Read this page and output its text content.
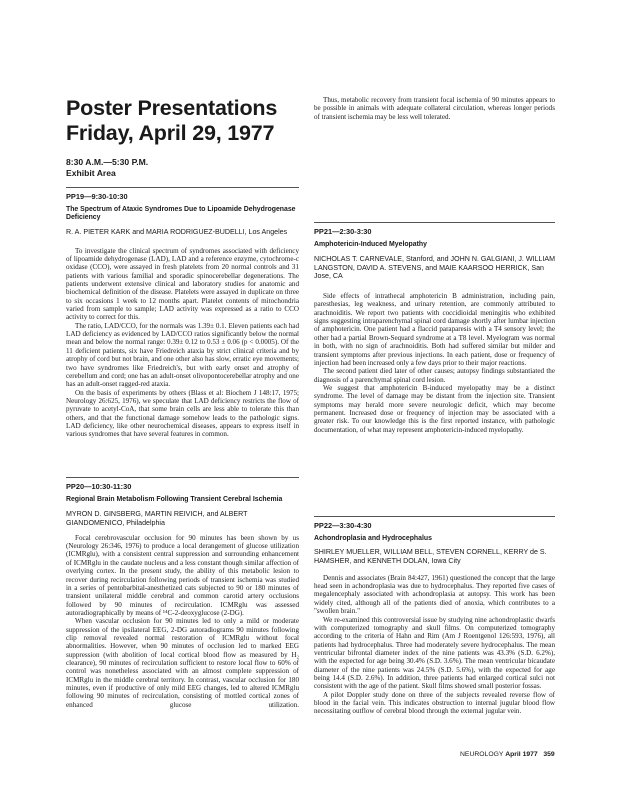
Poster Presentations
Friday, April 29, 1977
8:30 A.M.—5:30 P.M.
Exhibit Area
PP19—9:30-10:30
The Spectrum of Ataxic Syndromes Due to Lipoamide Dehydrogenase Deficiency
R. A. PIETER KARK and MARIA RODRIGUEZ-BUDELLI, Los Angeles

To investigate the clinical spectrum of syndromes associated with deficiency of lipoamide dehydrogenase (LAD), LAD and a reference enzyme, cytochrome-c oxidase (CCO), were assayed in fresh platelets from 20 normal controls and 31 patients with various familial and sporadic spinocerebellar degenerations. The patients underwent extensive clinical and laboratory studies for anatomic and biochemical definition of the disease. Platelets were assayed in duplicate on three to six occasions 1 week to 12 months apart. Platelet contents of mitochondria varied from sample to sample; LAD activity was expressed as a ratio to CCO activity to correct for this.

The ratio, LAD/CCO, for the normals was 1.39± 0.1. Eleven patients each had LAD deficiency as evidenced by LAD/CCO ratios significantly below the normal mean and below the normal range: 0.39± 0.12 to 0.53 ± 0.06 (p < 0.0005). Of the 11 deficient patients, six have Friedreich ataxia by strict clinical criteria and by atrophy of cord but not brain, and one other also has slow, erratic eye movements; two have syndromes like Friedreich's, but with early onset and atrophy of cerebellum and cord; one has an adult-onset olivopontocerebellar atrophy and one has an adult-onset ragged-red ataxia.

On the basis of experiments by others (Blass et al: Biochem J 148:17, 1975; Neurology 26:625, 1976), we speculate that LAD deficiency restricts the flow of pyruvate to acetyl-CoA, that some brain cells are less able to tolerate this than others, and that the functional damage somehow leads to the pathologic signs. LAD deficiency, like other neurochemical diseases, appears to express itself in various syndromes that have several features in common.

PP20—10:30-11:30
Regional Brain Metabolism Following Transient Cerebral Ischemia
MYRON D. GINSBERG, MARTIN REIVICH, and ALBERT GIANDOMENICO, Philadelphia

Focal cerebrovascular occlusion for 90 minutes has been shown by us (Neurology 26:346, 1976) to produce a local derangement of glucose utilization (ICMRglu), with a consistent central suppression and surrounding enhancement of ICMRglu in the caudate nucleus and a less constant though similar affection of overlying cortex. In the present study, the ability of this metabolic lesion to recover during recirculation following periods of transient ischemia was studied in a series of pentobarbital-anesthetized cats subjected to 90 or 180 minutes of transient unilateral middle cerebral and common carotid artery occlusions followed by 90 minutes of recirculation. ICMRglu was assessed autoradiographically by means of ¹⁴C-2-deoxyglucose (2-DG).

When vascular occlusion for 90 minutes led to only a mild or moderate suppression of the ipsilateral EEG, 2-DG autoradiograms 90 minutes following clip removal revealed normal restoration of ICMRglu without focal abnormalities. However, when 90 minutes of occlusion led to marked EEG suppression (with abolition of local cortical blood flow as measured by H₂ clearance), 90 minutes of recirculation sufficient to restore local flow to 60% of control was nonetheless associated with an almost complete suppression of ICMRglu in the middle cerebral territory. In contrast, vascular occlusion for 180 minutes, even if productive of only mild EEG changes, led to altered ICMRglu following 90 minutes of recirculation, consisting of mottled cortical zones of enhanced glucose utilization.

Thus, metabolic recovery from transient focal ischemia of 90 minutes appears to be possible in animals with adequate collateral circulation, whereas longer periods of transient ischemia may be less well tolerated.

PP21—2:30-3:30
Amphotericin-Induced Myelopathy
NICHOLAS T. CARNEVALE, Stanford, and JOHN N. GALGIANI, J. WILLIAM LANGSTON, DAVID A. STEVENS, and MAIE KAARSOO HERRICK, San Jose, CA

Side effects of intrathecal amphotericin B administration, including pain, paresthesias, leg weakness, and urinary retention, are commonly attributed to arachnoiditis. We report two patients with coccidioidal meningitis who exhibited signs suggesting intraparenchymal spinal cord damage shortly after lumbar injection of amphotericin. One patient had a flaccid paraparesis with a T4 sensory level; the other had a partial Brown-Sequard syndrome at a T8 level. Myelogram was normal in both, with no sign of arachnoiditis. Both had suffered similar but milder and transient symptoms after previous injections. In each patient, dose or frequency of injection had been increased only a few days prior to their major reactions.

The second patient died later of other causes; autopsy findings substantiated the diagnosis of a parenchymal spinal cord lesion.

We suggest that amphotericin B-induced myelopathy may be a distinct syndrome. The level of damage may be distant from the injection site. Transient symptoms may herald more severe neurologic deficit, which may become permanent. Increased dose or frequency of injection may be associated with a greater risk. To our knowledge this is the first reported instance, with pathologic documentation, of what may represent amphotericin-induced myelopathy.

PP22—3:30-4:30
Achondroplasia and Hydrocephalus
SHIRLEY MUELLER, WILLIAM BELL, STEVEN CORNELL, KERRY de S. HAMSHER, and KENNETH DOLAN, Iowa City

Dennis and associates (Brain 84:427, 1961) questioned the concept that the large head seen in achondroplasia was due to hydrocephalus. They reported five cases of megalencephaly associated with achondroplasia at autopsy. This work has been widely cited, although all of the patients died of anoxia, which contributes to a "swollen brain."

We re-examined this controversial issue by studying nine achondroplastic dwarfs with computerized tomography and skull films. On computerized tomography according to the criteria of Hahn and Rim (Am J Roentgenol 126:593, 1976), all patients had hydrocephalus. Three had moderately severe hydrocephalus. The mean ventricular bifrontal diameter index of the nine patients was 43.3% (S.D. 6.2%), with the expected for age being 30.4% (S.D. 3.6%). The mean ventricular bicaudate diameter of the nine patients was 24.5% (S.D. 5.6%), with the expected for age being 14.4 (S.D. 2.6%). In addition, three patients had enlarged cortical sulci not consistent with the age of the patient. Skull films showed small posterior fossas.

A pilot Doppler study done on three of the subjects revealed reverse flow of blood in the facial vein. This indicates obstruction to internal jugular blood flow necessitating outflow of cerebral blood through the external jugular vein.

NEUROLOGY April 1977 359
